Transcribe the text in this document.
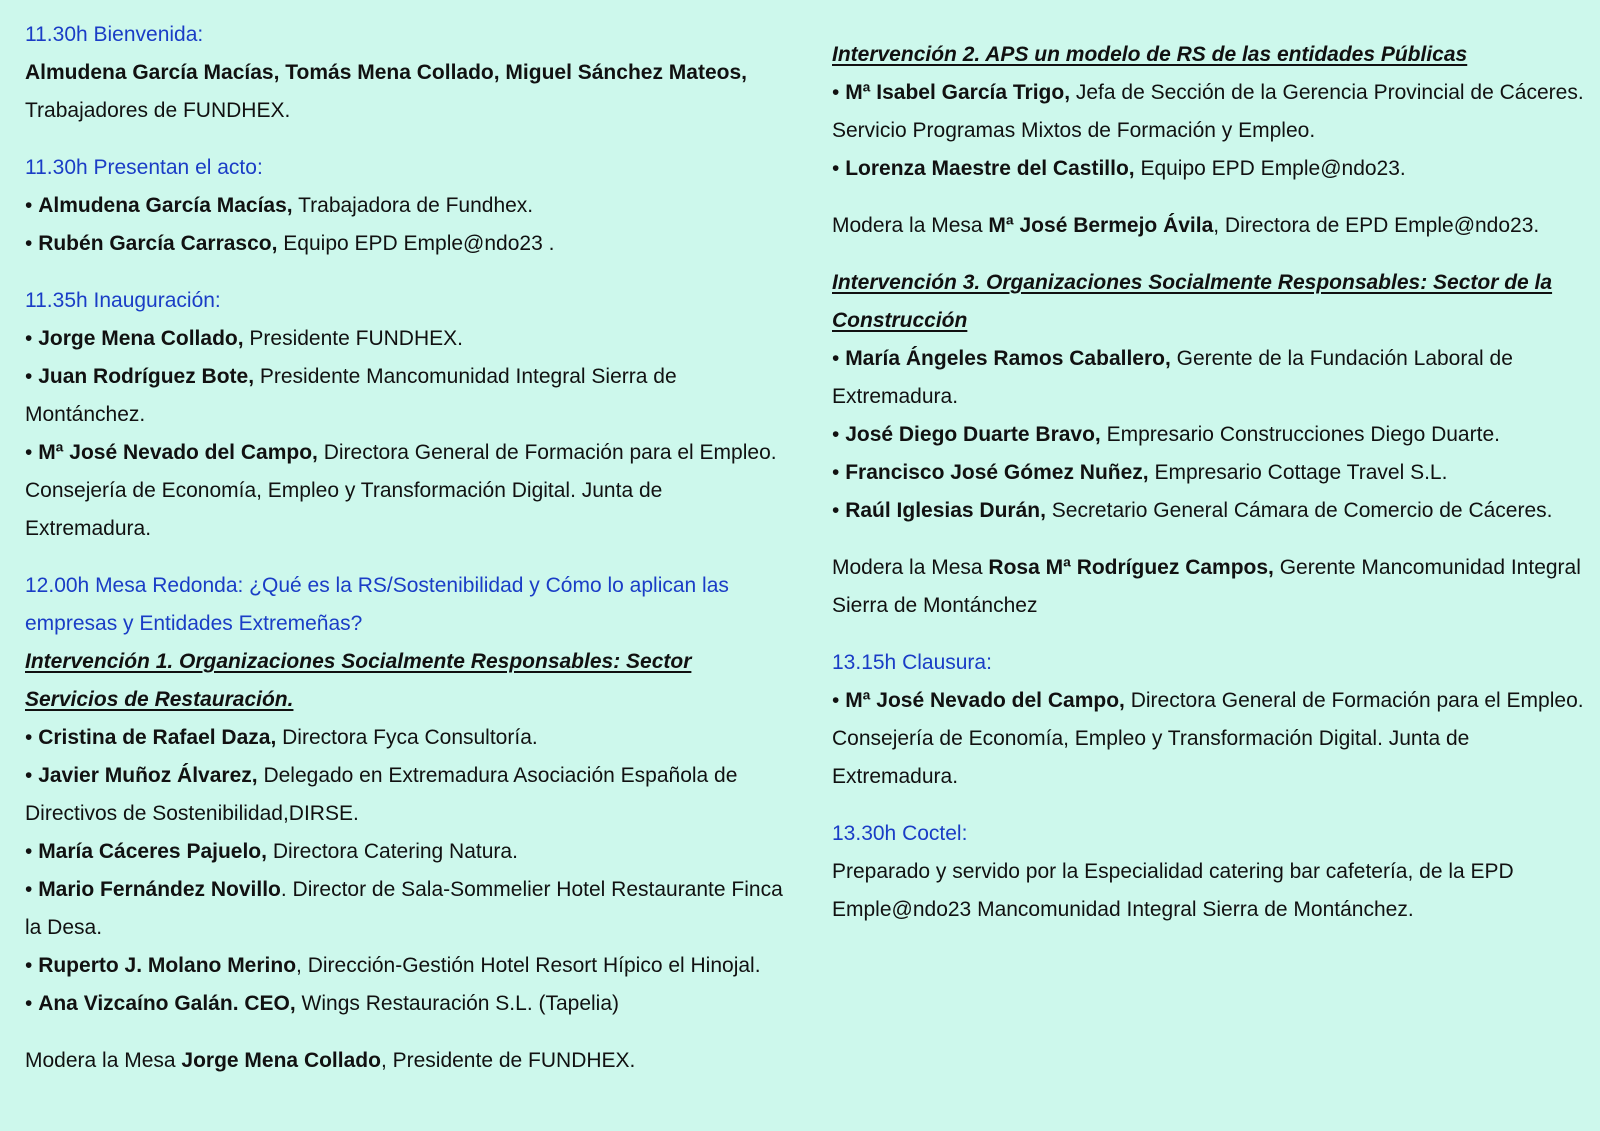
11.30h Bienvenida:

Almudena García Macías, Tomás Mena Collado, Miguel Sánchez Mateos, Trabajadores de FUNDHEX.

11.30h Presentan el acto:

• Almudena García Macías, Trabajadora de Fundhex.

• Rubén García Carrasco, Equipo EPD Emple@ndo23 .

11.35h Inauguración:

• Jorge Mena Collado, Presidente FUNDHEX.

• Juan Rodríguez Bote, Presidente Mancomunidad Integral Sierra de Montánchez.

• Mª José Nevado del Campo, Directora General de Formación para el Empleo. Consejería de Economía, Empleo y Transformación Digital. Junta de Extremadura.

12.00h Mesa Redonda: ¿Qué es la RS/Sostenibilidad y Cómo lo aplican las empresas y Entidades Extremeñas?

Intervención 1. Organizaciones Socialmente Responsables: Sector Servicios de Restauración.

• Cristina de Rafael Daza, Directora Fyca Consultoría.

• Javier Muñoz Álvarez, Delegado en Extremadura Asociación Española de Directivos de Sostenibilidad,DIRSE.

• María Cáceres Pajuelo, Directora Catering Natura.

• Mario Fernández Novillo. Director de Sala-Sommelier Hotel Restaurante Finca la Desa.

• Ruperto J. Molano Merino, Dirección-Gestión Hotel Resort Hípico el Hinojal.

• Ana Vizcaíno Galán. CEO, Wings Restauración S.L. (Tapelia)

Modera la Mesa Jorge Mena Collado, Presidente de FUNDHEX.

Intervención 2. APS un modelo de RS de las entidades Públicas

• Mª Isabel García Trigo, Jefa de Sección de la Gerencia Provincial de Cáceres. Servicio Programas Mixtos de Formación y Empleo.

• Lorenza Maestre del Castillo, Equipo EPD Emple@ndo23.

Modera la Mesa Mª José Bermejo Ávila, Directora de EPD Emple@ndo23.

Intervención 3. Organizaciones Socialmente Responsables: Sector de la Construcción

• María Ángeles Ramos Caballero, Gerente de la Fundación Laboral de Extremadura.

• José Diego Duarte Bravo, Empresario Construcciones Diego Duarte.

• Francisco José Gómez Nuñez, Empresario Cottage Travel S.L.

• Raúl Iglesias Durán, Secretario General Cámara de Comercio de Cáceres.

Modera la Mesa Rosa Mª Rodríguez Campos, Gerente Mancomunidad Integral Sierra de Montánchez

13.15h Clausura:

• Mª José Nevado del Campo, Directora General de Formación para el Empleo. Consejería de Economía, Empleo y Transformación Digital. Junta de Extremadura.

13.30h Coctel:

Preparado y servido por la Especialidad catering bar cafetería, de la EPD Emple@ndo23 Mancomunidad Integral Sierra de Montánchez.
